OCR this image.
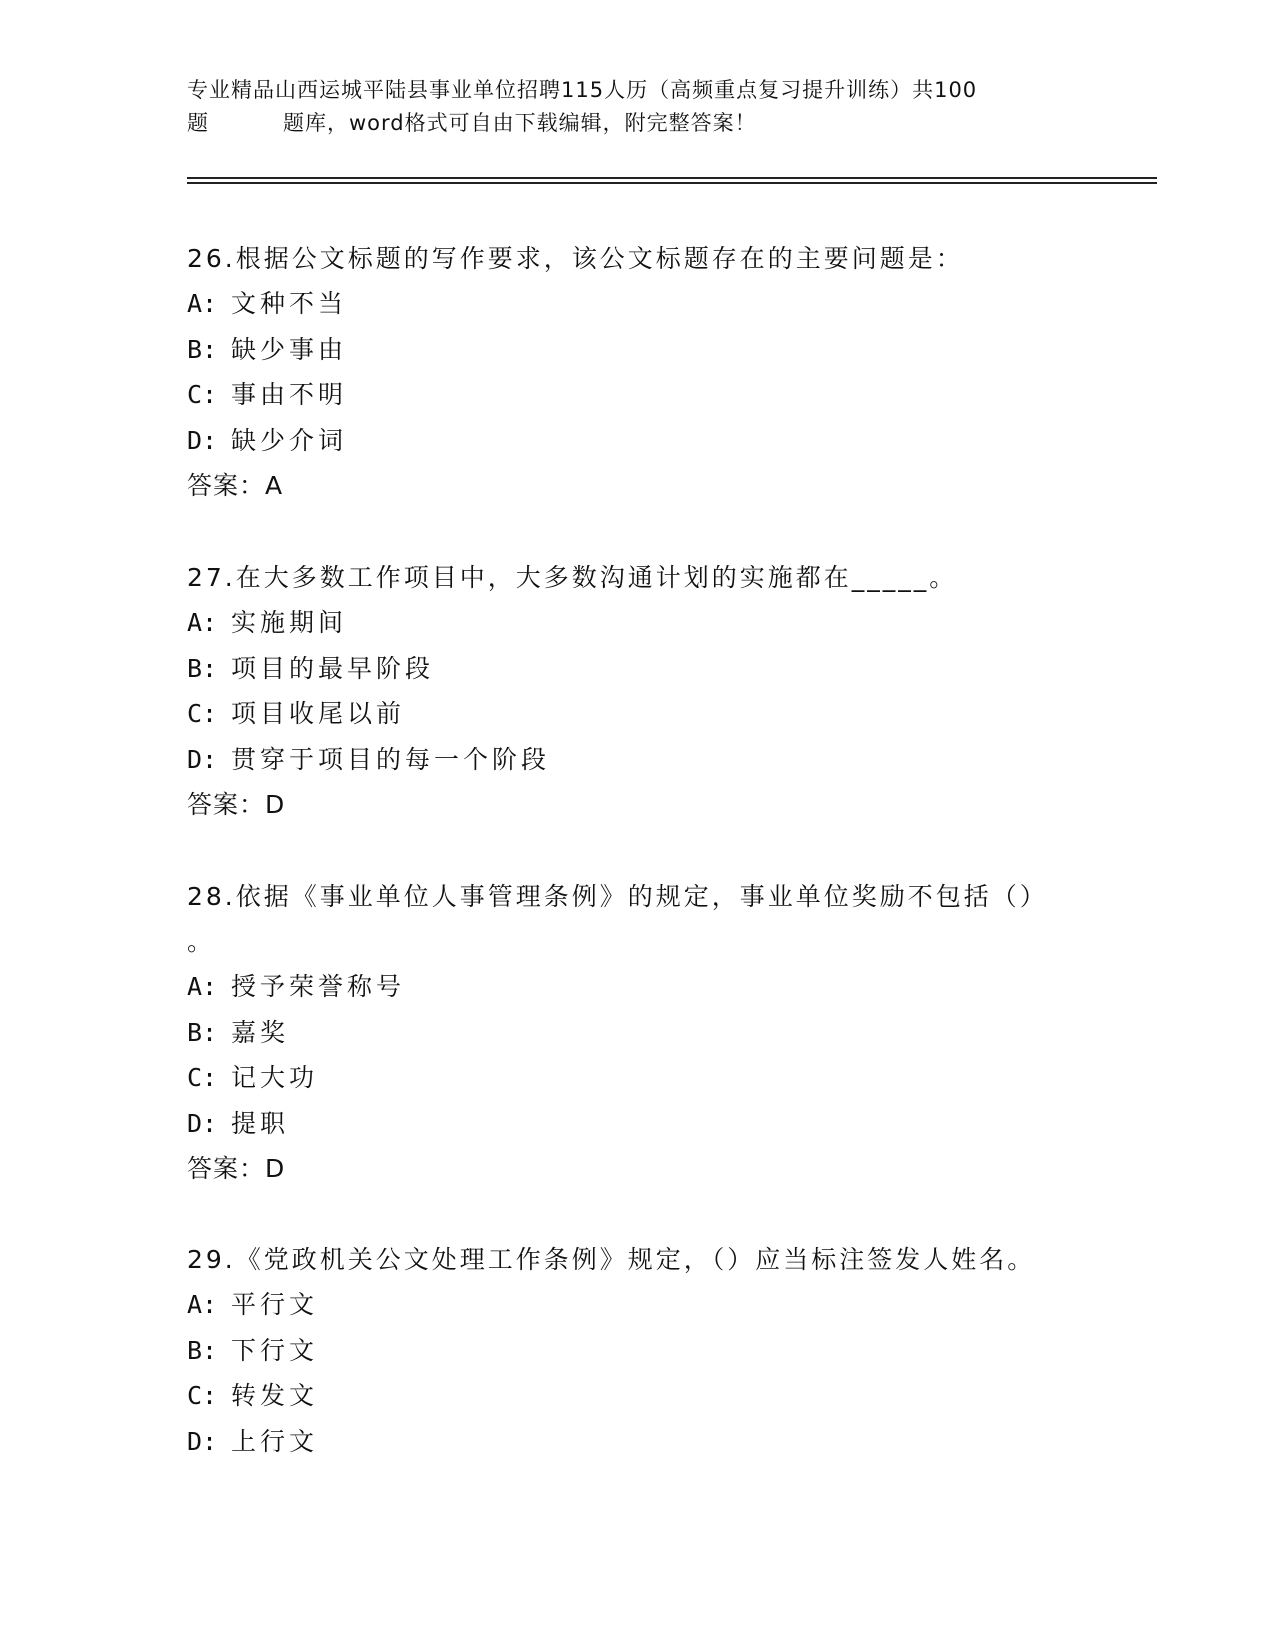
专业精品山西运城平陆县事业单位招聘115人历（高频重点复习提升训练）共100
题	题库，word格式可自由下载编辑，附完整答案！
26.根据公文标题的写作要求，该公文标题存在的主要问题是：
A: 文种不当
B: 缺少事由
C: 事由不明
D: 缺少介词
答案：A
27.在大多数工作项目中，大多数沟通计划的实施都在_____。
A: 实施期间
B: 项目的最早阶段
C: 项目收尾以前
D: 贯穿于项目的每一个阶段
答案：D
28.依据《事业单位人事管理条例》的规定，事业单位奖励不包括（）
。
A: 授予荣誉称号
B: 嘉奖
C: 记大功
D: 提职
答案：D
29.《党政机关公文处理工作条例》规定，（）应当标注签发人姓名。
A: 平行文
B: 下行文
C: 转发文
D: 上行文
